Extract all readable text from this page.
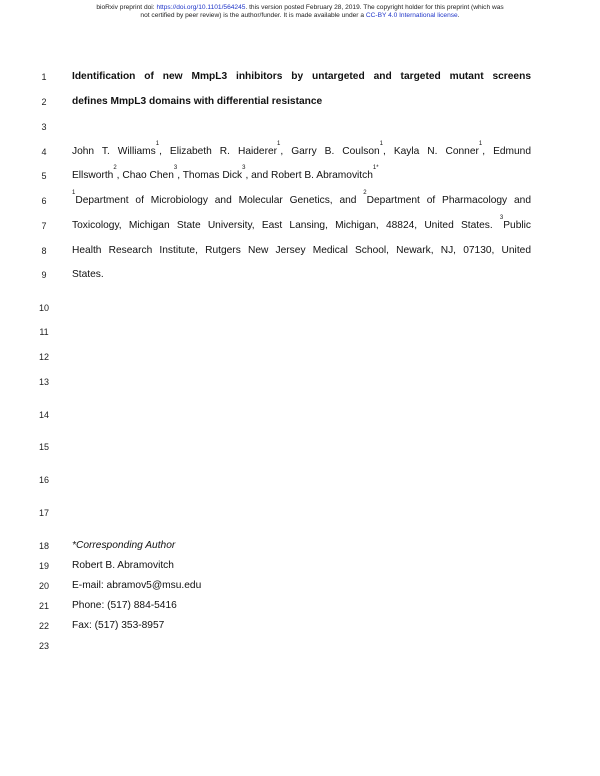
bioRxiv preprint doi: https://doi.org/10.1101/564245. this version posted February 28, 2019. The copyright holder for this preprint (which was
not certified by peer review) is the author/funder. It is made available under a CC-BY 4.0 International license.
1
2
3
4
5
6
7
8
9
10
11
12
13
14
15
16
17
18
19
20
21
22
23
Identification of new MmpL3 inhibitors by untargeted and targeted mutant screens
defines MmpL3 domains with differential resistance
John T. Williams$^1$, Elizabeth R. Haiderer$^1$, Garry B. Coulson$^1$, Kayla N. Conner$^1$, Edmund
Ellsworth$^2$, Chao Chen$^3$, Thomas Dick$^3$, and Robert B. Abramovitch$^{1*}$
$^1$Department of Microbiology and Molecular Genetics, and $^2$Department of Pharmacology and
Toxicology, Michigan State University, East Lansing, Michigan, 48824, United States. $^3$Public
Health Research Institute, Rutgers New Jersey Medical School, Newark, NJ, 07130, United
States.
*Corresponding Author
Robert B. Abramovitch
E-mail: abramov5@msu.edu
Phone: (517) 884-5416
Fax: (517) 353-8957
